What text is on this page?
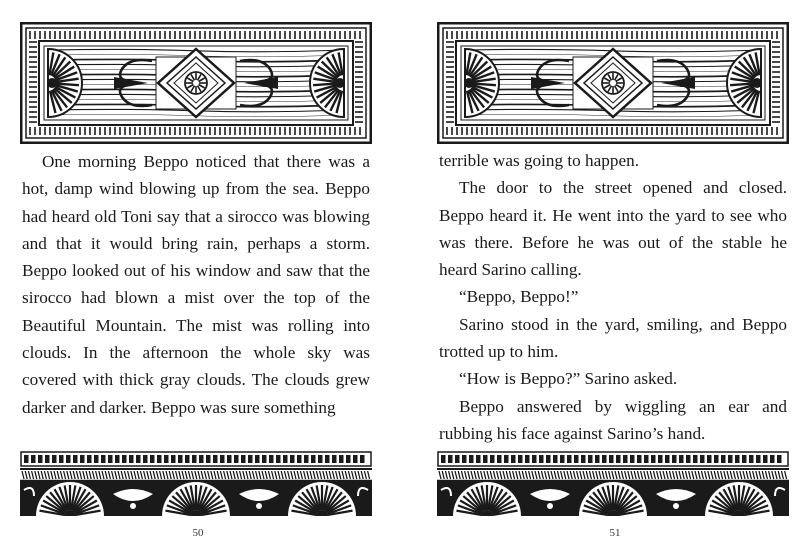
One morning Beppo noticed that there was a hot, damp wind blowing up from the sea. Beppo had heard old Toni say that a sirocco was blowing and that it would bring rain, perhaps a storm. Beppo looked out of his window and saw that the sirocco had blown a mist over the top of the Beautiful Mountain. The mist was rolling into clouds. In the afternoon the whole sky was covered with thick gray clouds. The clouds grew darker and darker. Beppo was sure something

50

terrible was going to happen.

The door to the street opened and closed. Beppo heard it. He went into the yard to see who was there. Before he was out of the stable he heard Sarino calling.

“Beppo, Beppo!”

Sarino stood in the yard, smiling, and Beppo trotted up to him.

“How is Beppo?” Sarino asked.

Beppo answered by wiggling an ear and rubbing his face against Sarino’s hand.

51
